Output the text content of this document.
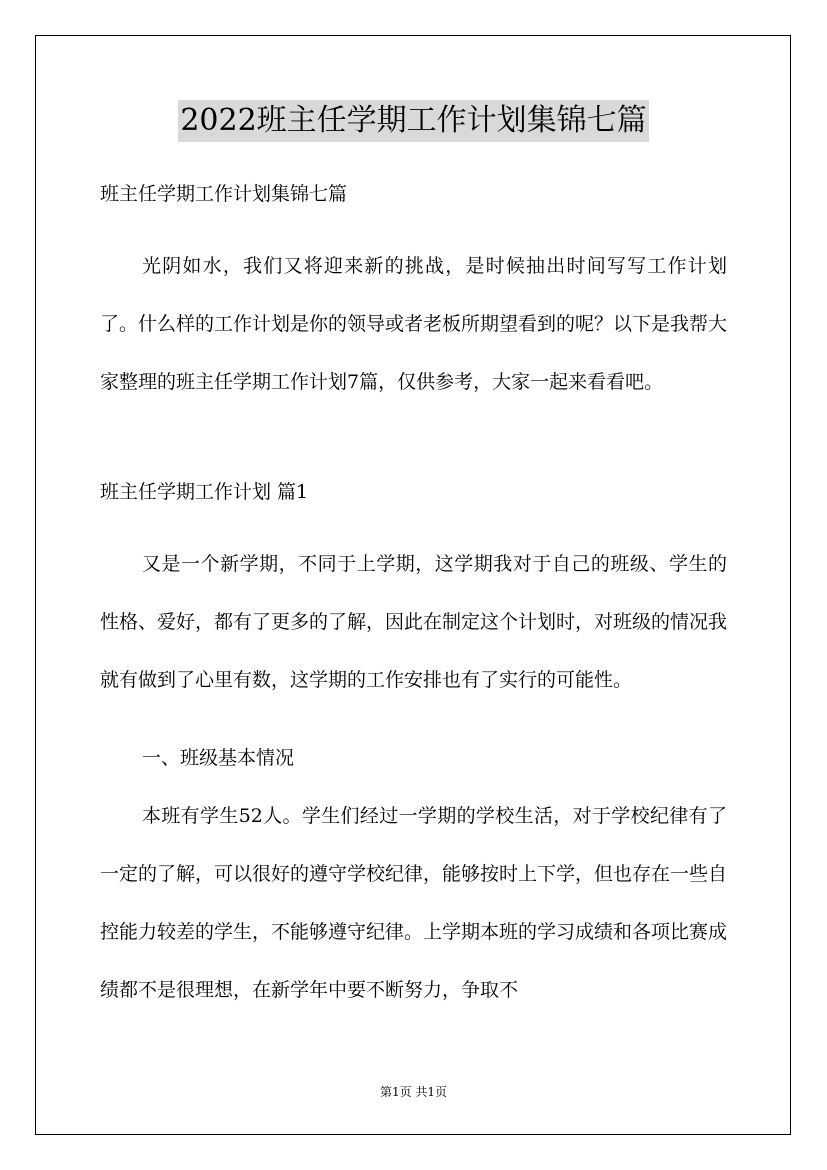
2022班主任学期工作计划集锦七篇

班主任学期工作计划集锦七篇

光阴如水，我们又将迎来新的挑战，是时候抽出时间写写工作计划了。什么样的工作计划是你的领导或者老板所期望看到的呢？以下是我帮大家整理的班主任学期工作计划7篇，仅供参考，大家一起来看看吧。

班主任学期工作计划 篇1

又是一个新学期，不同于上学期，这学期我对于自己的班级、学生的性格、爱好，都有了更多的了解，因此在制定这个计划时，对班级的情况我就有做到了心里有数，这学期的工作安排也有了实行的可能性。

一、班级基本情况

本班有学生52人。学生们经过一学期的学校生活，对于学校纪律有了一定的了解，可以很好的遵守学校纪律，能够按时上下学，但也存在一些自控能力较差的学生，不能够遵守纪律。上学期本班的学习成绩和各项比赛成绩都不是很理想，在新学年中要不断努力，争取不

第1页 共1页
